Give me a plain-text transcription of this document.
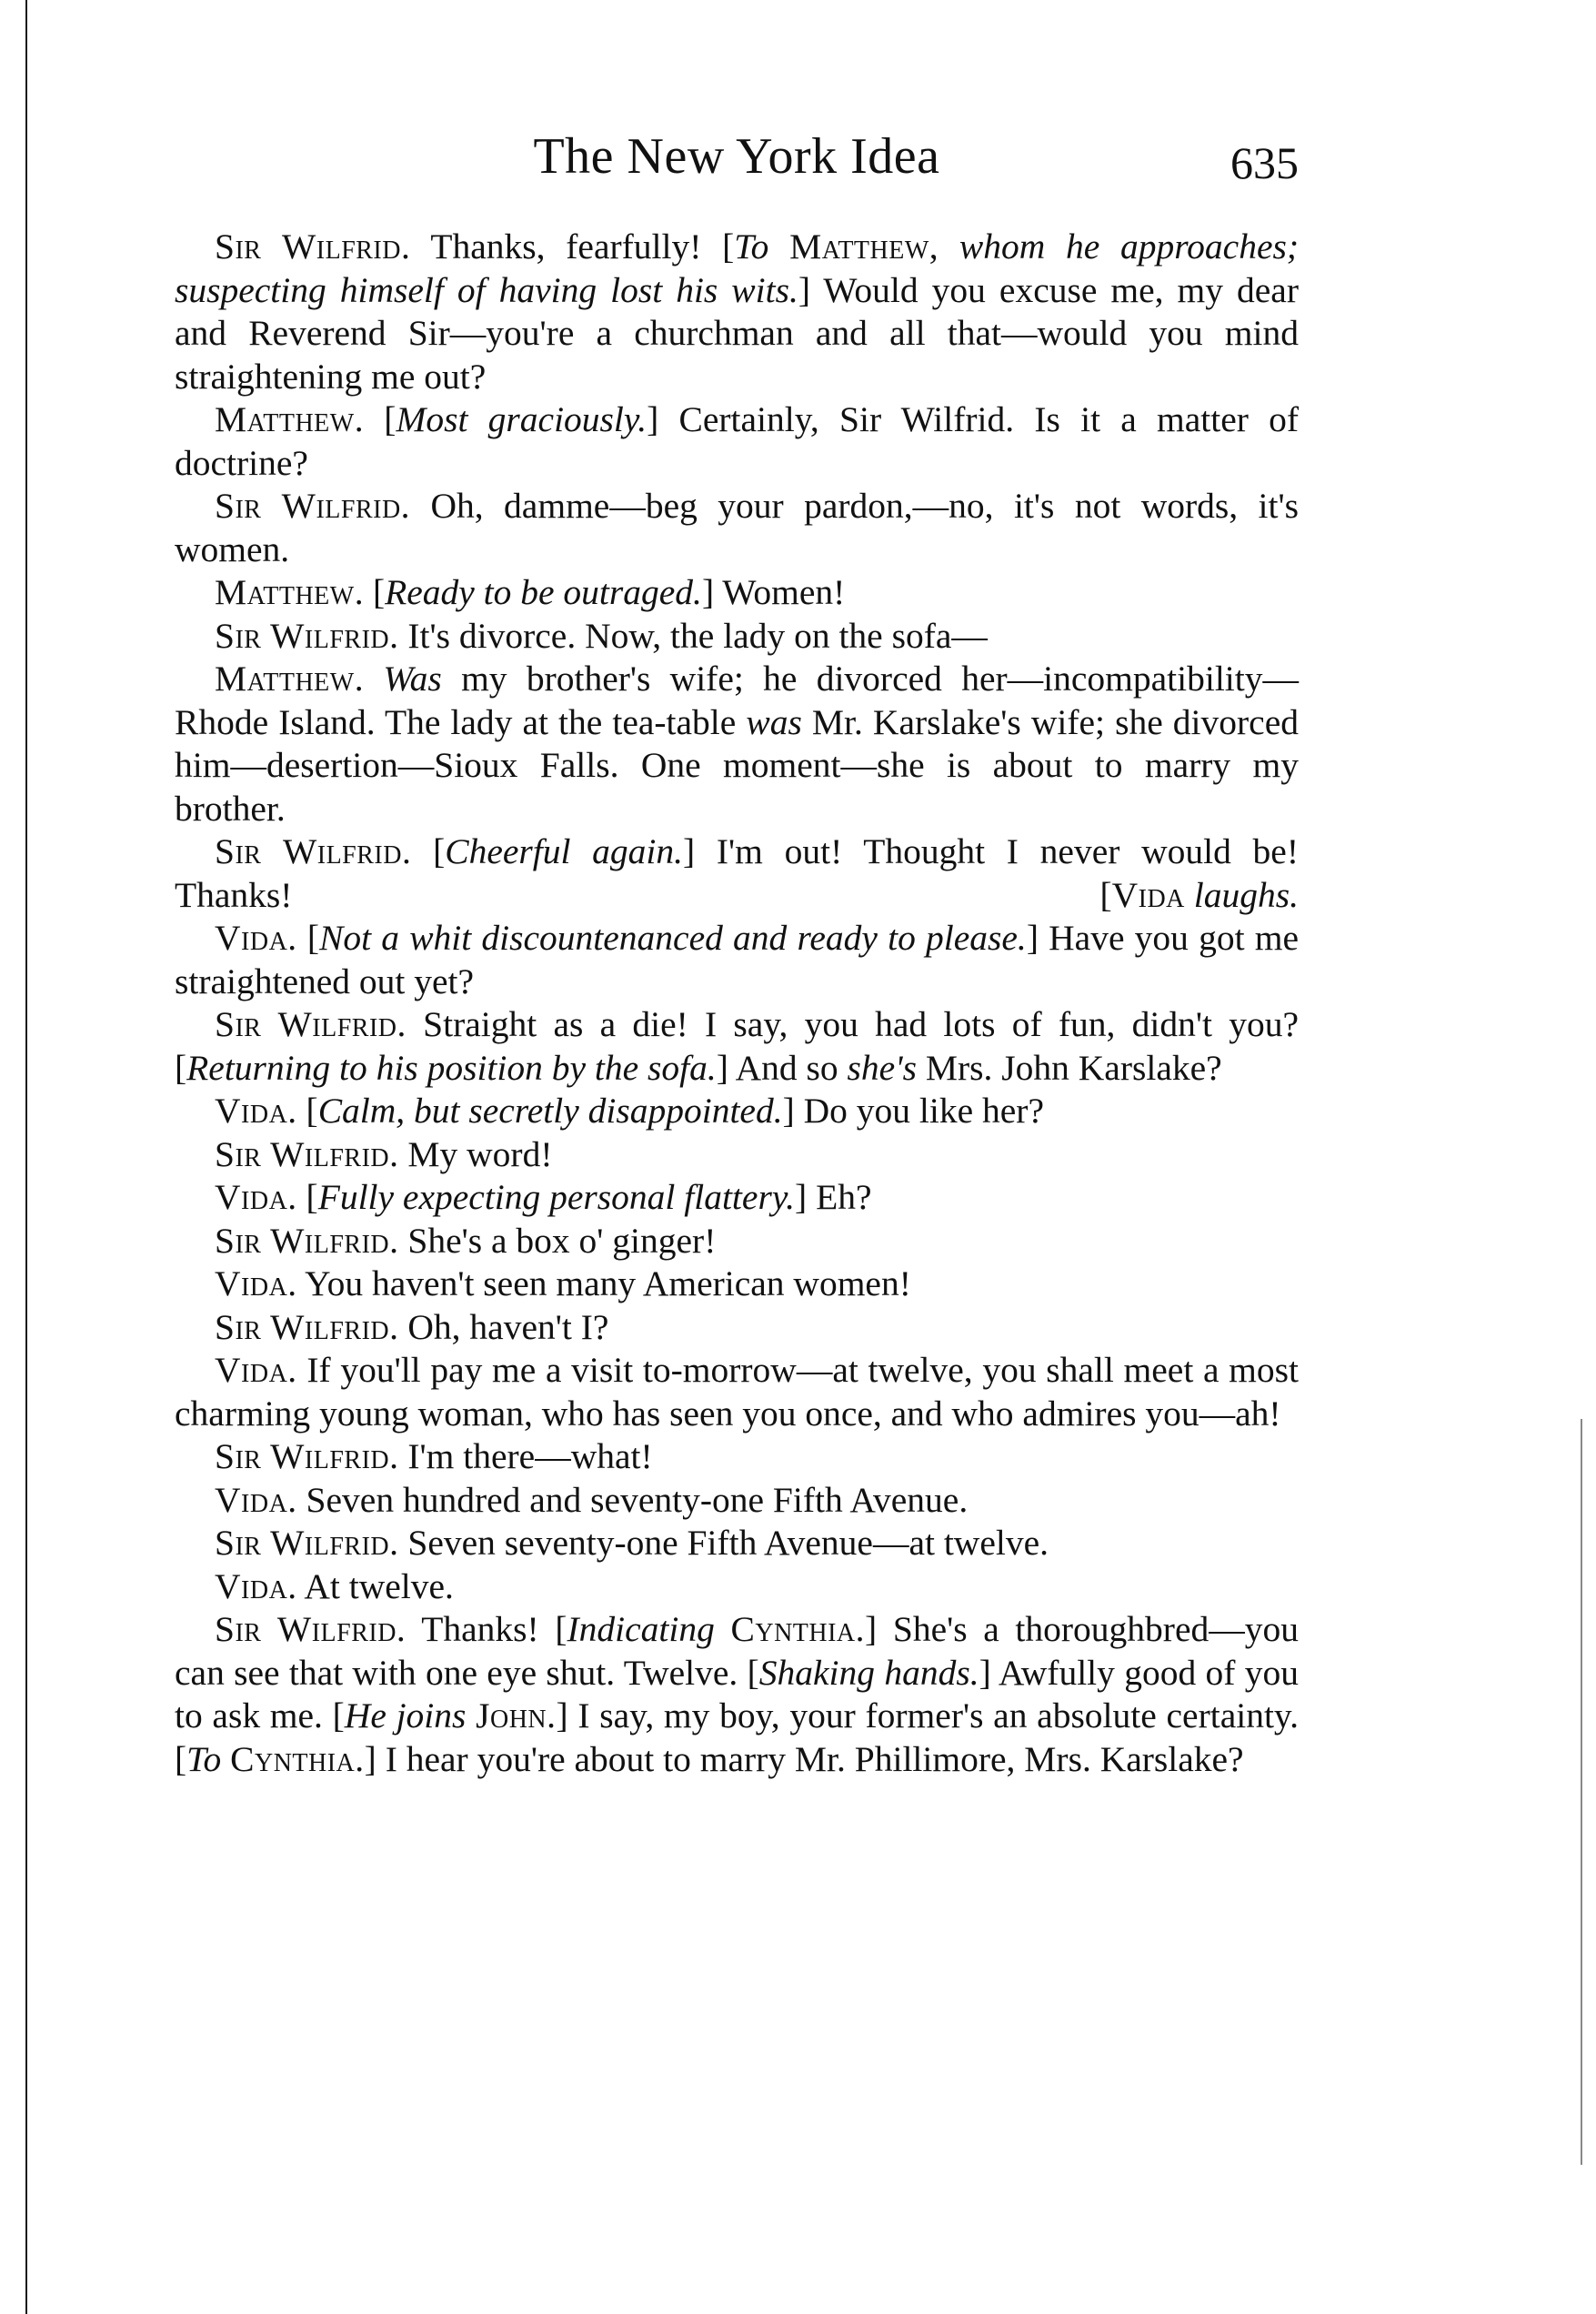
The New York Idea	635

Sir Wilfrid. Thanks, fearfully! [To Matthew, whom he approaches; suspecting himself of having lost his wits.] Would you excuse me, my dear and Reverend Sir—you're a churchman and all that—would you mind straightening me out?

Matthew. [Most graciously.] Certainly, Sir Wilfrid. Is it a matter of doctrine?

Sir Wilfrid. Oh, damme—beg your pardon,—no, it's not words, it's women.

Matthew. [Ready to be outraged.] Women!

Sir Wilfrid. It's divorce. Now, the lady on the sofa—

Matthew. Was my brother's wife; he divorced her—incompatibility—Rhode Island. The lady at the tea-table was Mr. Karslake's wife; she divorced him—desertion—Sioux Falls. One moment—she is about to marry my brother.

Sir Wilfrid. [Cheerful again.] I'm out! Thought I never would be! Thanks!	[Vida laughs.

Vida. [Not a whit discountenanced and ready to please.] Have you got me straightened out yet?

Sir Wilfrid. Straight as a die! I say, you had lots of fun, didn't you? [Returning to his position by the sofa.] And so she's Mrs. John Karslake?

Vida. [Calm, but secretly disappointed.] Do you like her?

Sir Wilfrid. My word!

Vida. [Fully expecting personal flattery.] Eh?

Sir Wilfrid. She's a box o' ginger!

Vida. You haven't seen many American women!

Sir Wilfrid. Oh, haven't I?

Vida. If you'll pay me a visit to-morrow—at twelve, you shall meet a most charming young woman, who has seen you once, and who admires you—ah!

Sir Wilfrid. I'm there—what!

Vida. Seven hundred and seventy-one Fifth Avenue.

Sir Wilfrid. Seven seventy-one Fifth Avenue—at twelve.

Vida. At twelve.

Sir Wilfrid. Thanks! [Indicating Cynthia.] She's a thoroughbred—you can see that with one eye shut. Twelve. [Shaking hands.] Awfully good of you to ask me. [He joins John.] I say, my boy, your former's an absolute certainty. [To Cynthia.] I hear you're about to marry Mr. Phillimore, Mrs. Karslake?
